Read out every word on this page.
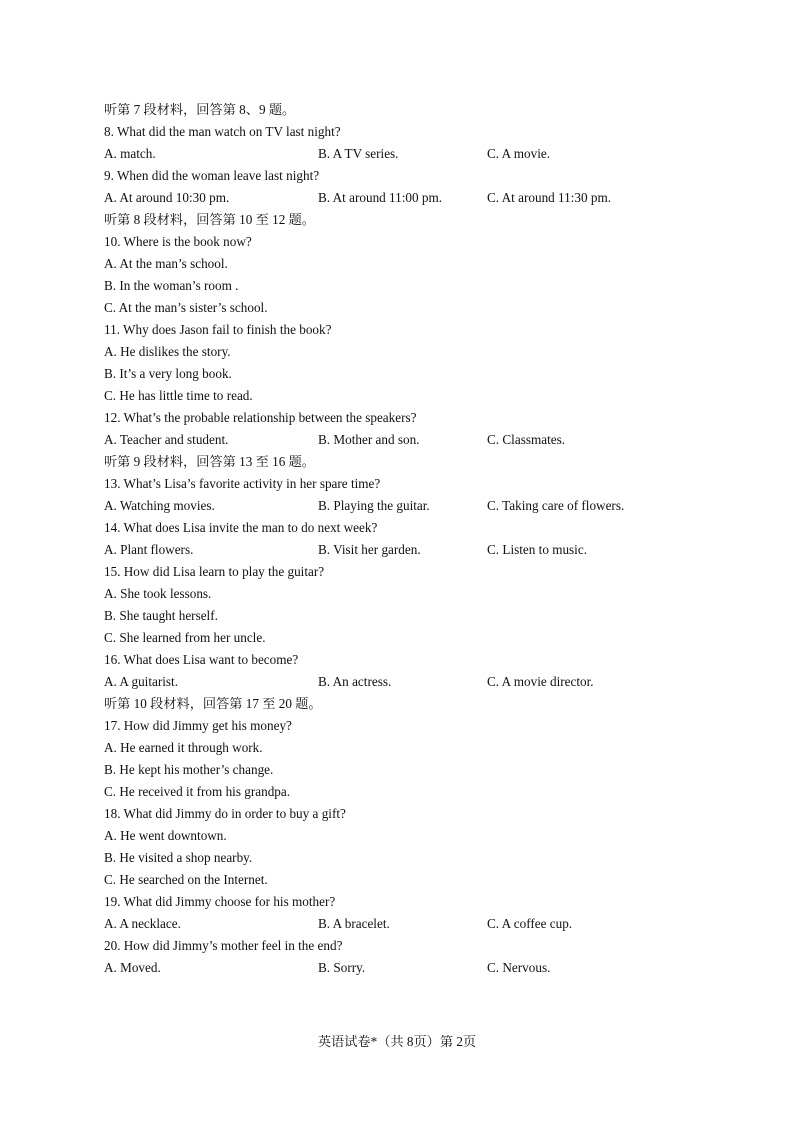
听第 7 段材料，回答第 8、9 题。
8. What did the man watch on TV last night?
A. match.	B. A TV series.	C. A movie.
9. When did the woman leave last night?
A. At around 10:30 pm.	B. At around 11:00 pm.	C. At around 11:30 pm.
听第 8 段材料，回答第 10 至 12 题。
10. Where is the book now?
A. At the man’s school.
B. In the woman’s room .
C. At the man’s sister’s school.
11. Why does Jason fail to finish the book?
A. He dislikes the story.
B. It’s a very long book.
C. He has little time to read.
12. What’s the probable relationship between the speakers?
A. Teacher and student.	B. Mother and son.	C. Classmates.
听第 9 段材料，回答第 13 至 16 题。
13. What’s Lisa’s favorite activity in her spare time?
A. Watching movies.	B. Playing the guitar.	C. Taking care of flowers.
14. What does Lisa invite the man to do next week?
A. Plant flowers.	B. Visit her garden.	C. Listen to music.
15. How did Lisa learn to play the guitar?
A. She took lessons.
B. She taught herself.
C. She learned from her uncle.
16. What does Lisa want to become?
A. A guitarist.	B. An actress.	C. A movie director.
听第 10 段材料，回答第 17 至 20 题。
17. How did Jimmy get his money?
A. He earned it through work.
B. He kept his mother’s change.
C. He received it from his grandpa.
18. What did Jimmy do in order to buy a gift?
A. He went downtown.
B. He visited a shop nearby.
C. He searched on the Internet.
19. What did Jimmy choose for his mother?
A. A necklace.	B. A bracelet.	C. A coffee cup.
20. How did Jimmy’s mother feel in the end?
A. Moved.	B. Sorry.	C. Nervous.
英语试卷*（共 8页）第 2页
